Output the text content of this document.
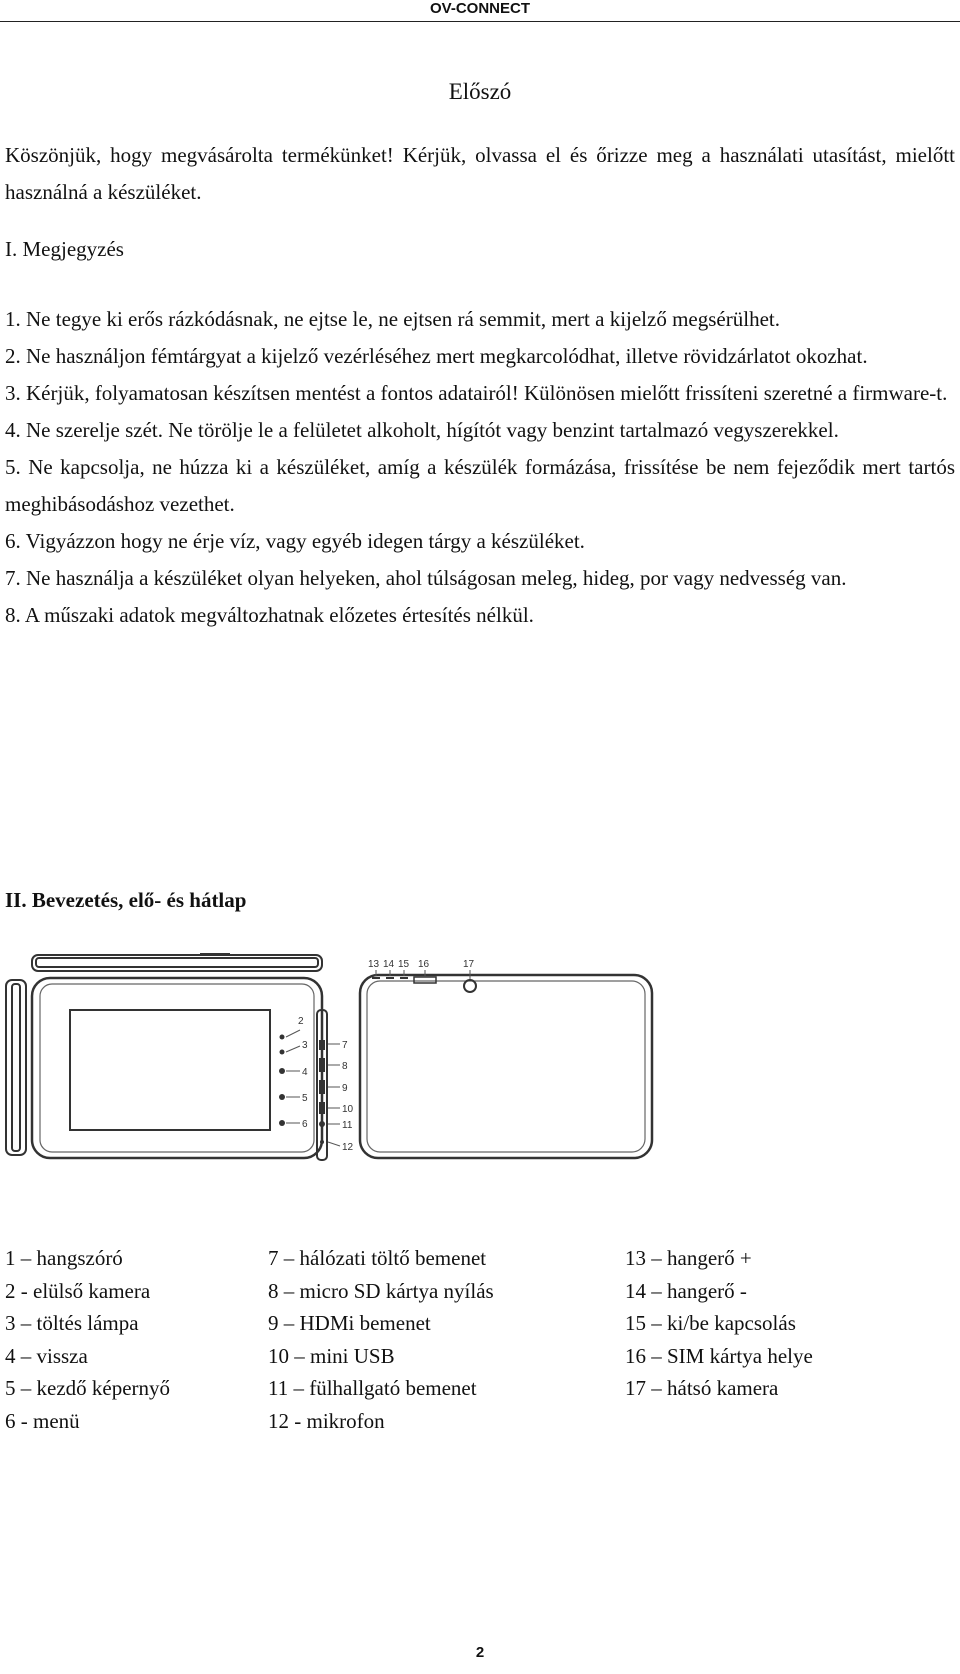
OV-CONNECT
Előszó
Köszönjük, hogy megvásárolta termékünket! Kérjük, olvassa el és őrizze meg a használati utasítást, mielőtt használná a készüléket.
I. Megjegyzés
1. Ne tegye ki erős rázkódásnak, ne ejtse le, ne ejtsen rá semmit, mert a kijelző megsérülhet.
2. Ne használjon fémtárgyat a kijelző vezérléséhez mert megkarcolódhat, illetve rövidzárlatot okozhat.
3. Kérjük, folyamatosan készítsen mentést a fontos adatairól! Különösen mielőtt frissíteni szeretné a firmware-t.
4. Ne szerelje szét. Ne törölje le a felületet alkoholt, hígítót vagy benzint tartalmazó vegyszerekkel.
5. Ne kapcsolja, ne húzza ki a készüléket, amíg a készülék formázása, frissítése be nem fejeződik mert tartós meghibásodáshoz vezethet.
6. Vigyázzon hogy ne érje víz, vagy egyéb idegen tárgy a készüléket.
7. Ne használja a készüléket olyan helyeken, ahol túlságosan meleg, hideg, por vagy nedvesség van.
8. A műszaki adatok megváltozhatnak előzetes értesítés nélkül.
II. Bevezetés, elő- és hátlap
2
3
4
5
6
7
8
9
10
11
12
13 14 15 16	17
1 – hangszóró
2 - elülső kamera
3 – töltés lámpa
4 – vissza
5 – kezdő képernyő
6 - menü
7 – hálózati töltő bemenet
8 – micro SD kártya nyílás
9 – HDMi bemenet
10 – mini USB
11 – fülhallgató bemenet
12 - mikrofon
13 – hangerő +
14 – hangerő -
15 – ki/be kapcsolás
16 – SIM kártya helye
17 – hátsó kamera
2
